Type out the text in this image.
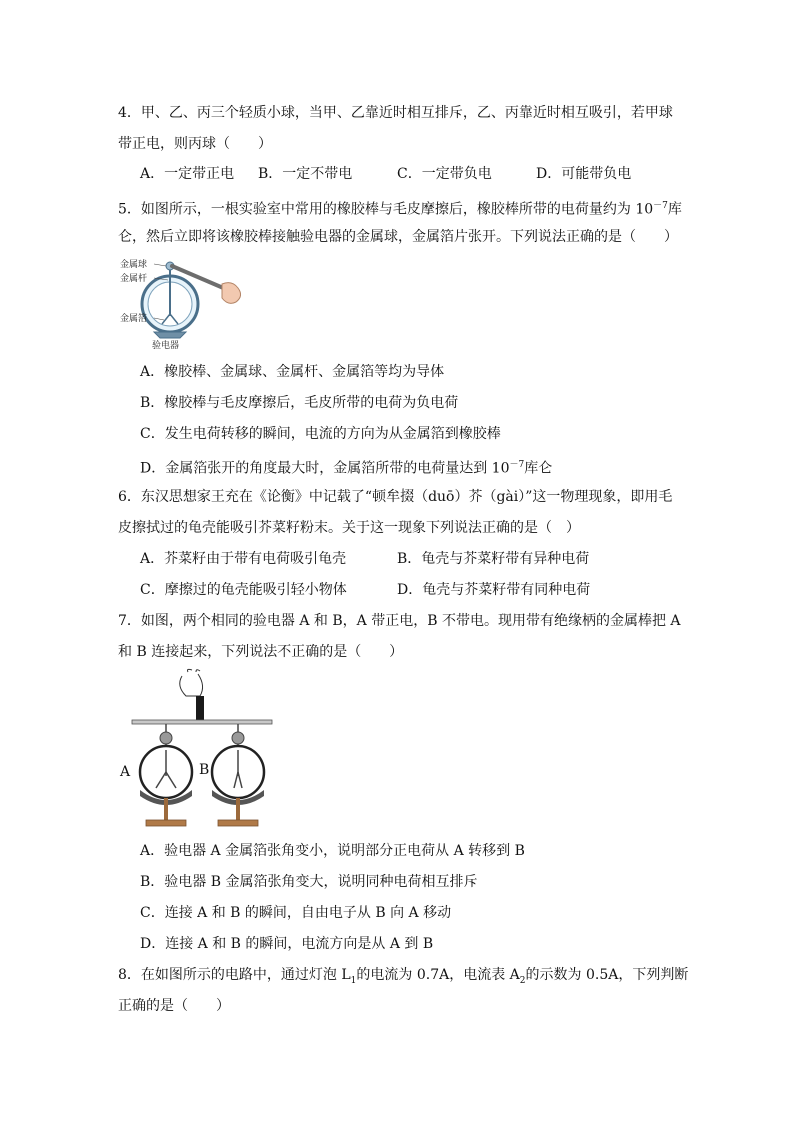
4．甲、乙、丙三个轻质小球，当甲、乙靠近时相互排斥，乙、丙靠近时相互吸引，若甲球
带正电，则丙球（　　）
A．一定带正电 B．一定不带电	C．一定带负电	D．可能带负电
5．如图所示，一根实验室中常用的橡胶棒与毛皮摩擦后，橡胶棒所带的电荷量约为 $10^{-7}$库
仑，然后立即将该橡胶棒接触验电器的金属球，金属箔片张开。下列说法正确的是（　　）
金属球
金属杆
金属箔
验电器
A．橡胶棒、金属球、金属杆、金属箔等均为导体
B．橡胶棒与毛皮摩擦后，毛皮所带的电荷为负电荷
C．发生电荷转移的瞬间，电流的方向为从金属箔到橡胶棒
D．金属箔张开的角度最大时，金属箔所带的电荷量达到 $10^{-7}$库仑
6．东汉思想家王充在《论衡》中记载了“顿牟掇（duō）芥（gài）”这一物理现象，即用毛
皮擦拭过的龟壳能吸引芥菜籽粉末。关于这一现象下列说法正确的是（　）
A．芥菜籽由于带有电荷吸引龟壳	B．龟壳与芥菜籽带有异种电荷
C．摩擦过的龟壳能吸引轻小物体	D．龟壳与芥菜籽带有同种电荷
7．如图，两个相同的验电器 A 和 B，A 带正电，B 不带电。现用带有绝缘柄的金属棒把 A
和 B 连接起来，下列说法不正确的是（　　）
A	B
A．验电器 A 金属箔张角变小，说明部分正电荷从 A 转移到 B
B．验电器 B 金属箔张角变大，说明同种电荷相互排斥
C．连接 A 和 B 的瞬间，自由电子从 B 向 A 移动
D．连接 A 和 B 的瞬间，电流方向是从 A 到 B
8．在如图所示的电路中，通过灯泡 $L_1$的电流为 0.7A，电流表 $A_2$的示数为 0.5A，下列判断
正确的是（　　）
